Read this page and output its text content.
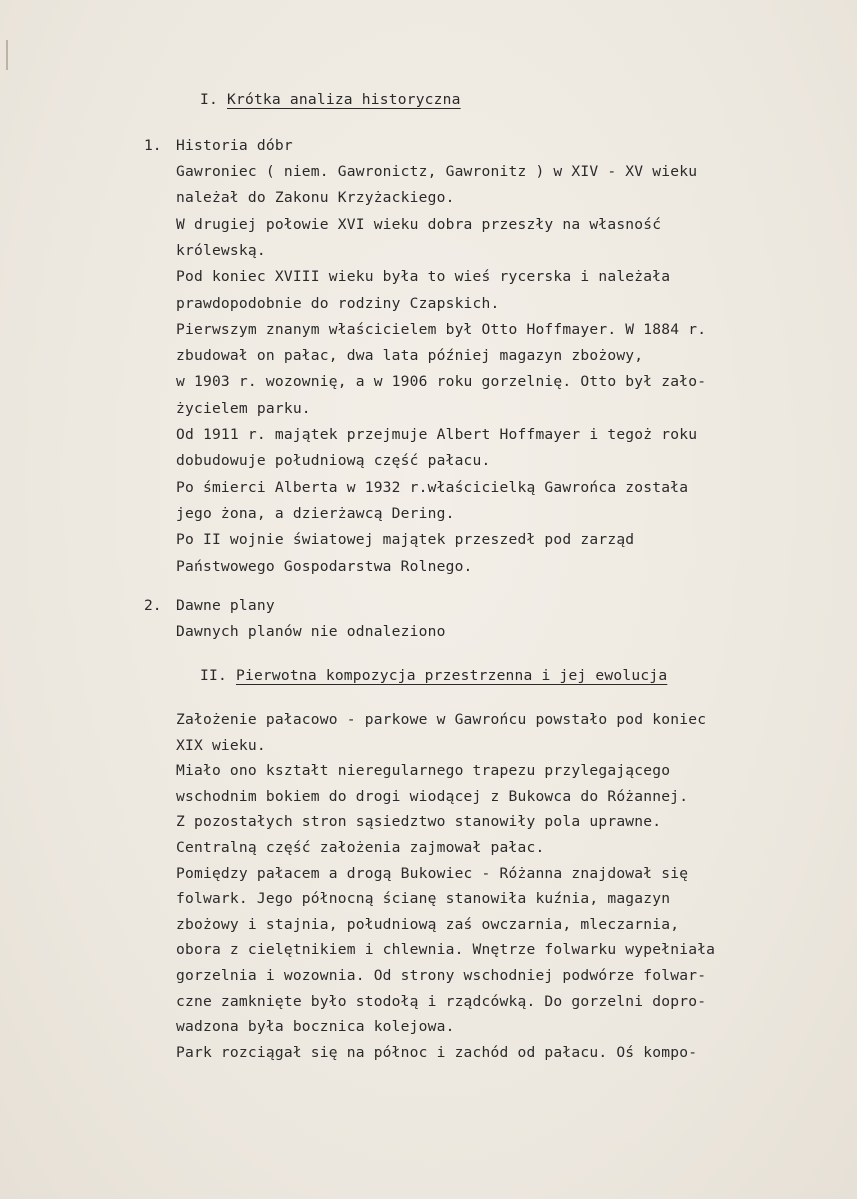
I. Krótka analiza historyczna
1. Historia dóbr
Gawroniec ( niem. Gawronictz, Gawronitz ) w XIV - XV wieku
należał do Zakonu Krzyżackiego.
W drugiej połowie XVI wieku dobra przeszły na własność
królewską.
Pod koniec XVIII wieku była to wieś rycerska i należała
prawdopodobnie do rodziny Czapskich.
Pierwszym znanym właścicielem był Otto Hoffmayer. W 1884 r.
zbudował on pałac, dwa lata później magazyn zbożowy,
w 1903 r. wozownię, a w 1906 roku gorzelnię. Otto był zało-
życielem parku.
Od 1911 r. majątek przejmuje Albert Hoffmayer i tegoż roku
dobudowuje południową część pałacu.
Po śmierci Alberta w 1932 r.właścicielką Gawrońca została
jego żona, a dzierżawcą Dering.
Po II wojnie światowej majątek przeszedł pod zarząd
Państwowego Gospodarstwa Rolnego.
2. Dawne plany
Dawnych planów nie odnaleziono
II. Pierwotna kompozycja przestrzenna i jej ewolucja
Założenie pałacowo - parkowe w Gawrońcu powstało pod koniec
XIX wieku.
Miało ono kształt nieregularnego trapezu przylegającego
wschodnim bokiem do drogi wiodącej z Bukowca do Różannej.
Z pozostałych stron sąsiedztwo stanowiły pola uprawne.
Centralną część założenia zajmował pałac.
Pomiędzy pałacem a drogą Bukowiec - Różanna znajdował się
folwark. Jego północną ścianę stanowiła kuźnia, magazyn
zbożowy i stajnia, południową zaś owczarnia, mleczarnia,
obora z cielętnikiem i chlewnia. Wnętrze folwarku wypełniała
gorzelnia i wozownia. Od strony wschodniej podwórze folwar-
czne zamknięte było stodołą i rządcówką. Do gorzelni dopro-
wadzona była bocznica kolejowa.
Park rozciągał się na północ i zachód od pałacu. Oś kompo-
